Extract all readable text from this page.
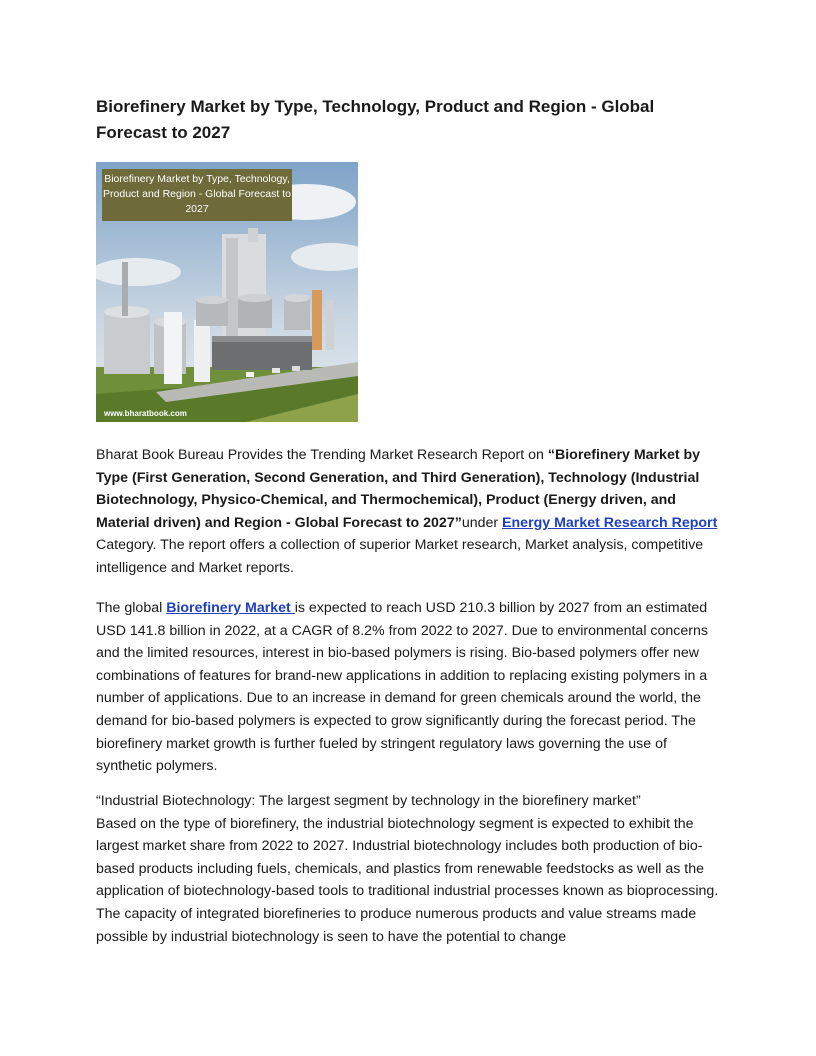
Biorefinery Market by Type, Technology, Product and Region - Global Forecast to 2027
Biorefinery Market by Type, Technology, Product and Region - Global Forecast to 2027
www.bharatbook.com

Bharat Book Bureau Provides the Trending Market Research Report on “Biorefinery Market by Type (First Generation, Second Generation, and Third Generation), Technology (Industrial Biotechnology, Physico-Chemical, and Thermochemical), Product (Energy driven, and Material driven) and Region - Global Forecast to 2027”under Energy Market Research Report Category. The report offers a collection of superior Market research, Market analysis, competitive intelligence and Market reports.

The global Biorefinery Market is expected to reach USD 210.3 billion by 2027 from an estimated USD 141.8 billion in 2022, at a CAGR of 8.2% from 2022 to 2027. Due to environmental concerns and the limited resources, interest in bio-based polymers is rising. Bio-based polymers offer new combinations of features for brand-new applications in addition to replacing existing polymers in a number of applications. Due to an increase in demand for green chemicals around the world, the demand for bio-based polymers is expected to grow significantly during the forecast period. The biorefinery market growth is further fueled by stringent regulatory laws governing the use of synthetic polymers.

“Industrial Biotechnology: The largest segment by technology in the biorefinery market”
Based on the type of biorefinery, the industrial biotechnology segment is expected to exhibit the largest market share from 2022 to 2027. Industrial biotechnology includes both production of bio-based products including fuels, chemicals, and plastics from renewable feedstocks as well as the application of biotechnology-based tools to traditional industrial processes known as bioprocessing. The capacity of integrated biorefineries to produce numerous products and value streams made possible by industrial biotechnology is seen to have the potential to change
